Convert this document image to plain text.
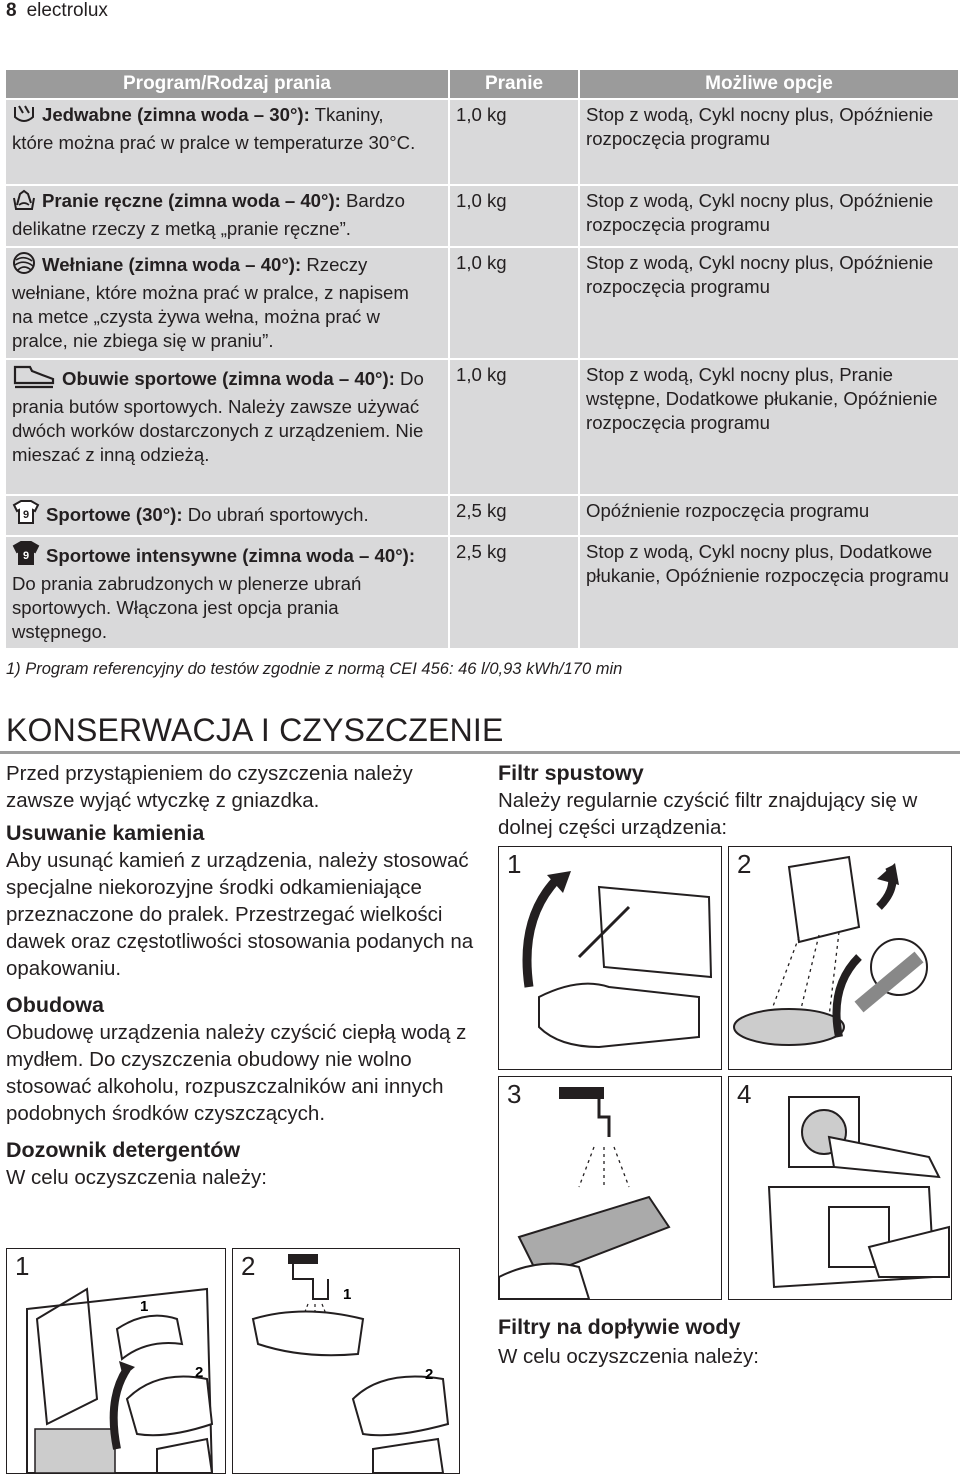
8 electrolux
Program/Rodzaj prania	Pranie	Możliwe opcje
Jedwabne (zimna woda – 30°): Tkaniny, które można prać w pralce w temperaturze 30°C.	1,0 kg	Stop z wodą, Cykl nocny plus, Opóźnienie rozpoczęcia programu
Pranie ręczne (zimna woda – 40°): Bardzo delikatne rzeczy z metką „pranie ręczne”.	1,0 kg	Stop z wodą, Cykl nocny plus, Opóźnienie rozpoczęcia programu
Wełniane (zimna woda – 40°): Rzeczy wełniane, które można prać w pralce, z napisem na metce „czysta żywa wełna, można prać w pralce, nie zbiega się w praniu”.	1,0 kg	Stop z wodą, Cykl nocny plus, Opóźnienie rozpoczęcia programu
Obuwie sportowe (zimna woda – 40°): Do prania butów sportowych. Należy zawsze używać dwóch worków dostarczonych z urządzeniem. Nie mieszać z inną odzieżą.	1,0 kg	Stop z wodą, Cykl nocny plus, Pranie wstępne, Dodatkowe płukanie, Opóźnienie rozpoczęcia programu

9 Sportowe (30°): Do ubrań sportowych.	2,5 kg	Opóźnienie rozpoczęcia programu

9 Sportowe intensywne (zimna woda – 40°): Do prania zabrudzonych w plenerze ubrań sportowych. Włączona jest opcja prania wstępnego.	2,5 kg	Stop z wodą, Cykl nocny plus, Dodatkowe płukanie, Opóźnienie rozpoczęcia programu
1) Program referencyjny do testów zgodnie z normą CEI 456: 46 l/0,93 kWh/170 min
KONSERWACJA I CZYSZCZENIE

Przed przystąpieniem do czyszczenia należy zawsze wyjąć wtyczkę z gniazdka.

Usuwanie kamienia

Aby usunąć kamień z urządzenia, należy stosować specjalne niekorozyjne środki odkamieniające przeznaczone do pralek. Przestrzegać wielkości dawek oraz częstotliwości stosowania podanych na opakowaniu.

Obudowa

Obudowę urządzenia należy czyścić ciepłą wodą z mydłem. Do czyszczenia obudowy nie wolno stosować alkoholu, rozpuszczalników ani innych podobnych środków czyszczących.

Dozownik detergentów

W celu oczyszczenia należy:

Filtr spustowy

Należy regularnie czyścić filtr znajdujący się w dolnej części urządzenia:

1
1
2
2
1
2
1	2
3	4
Filtry na dopływie wody

W celu oczyszczenia należy:
